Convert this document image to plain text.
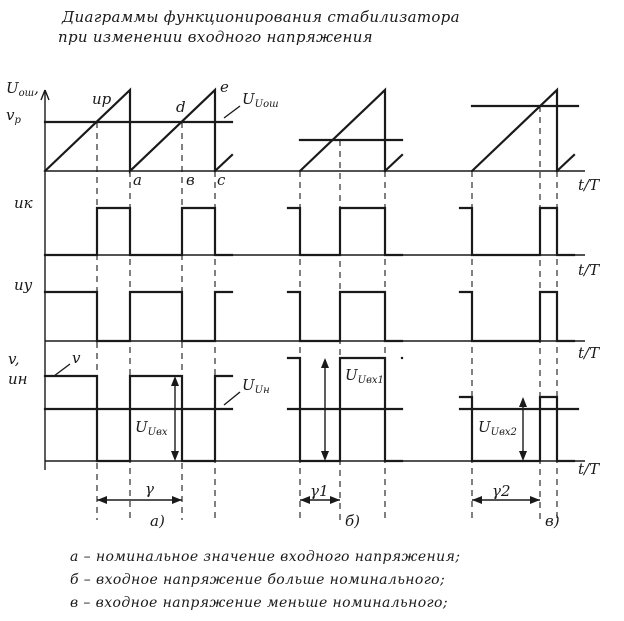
Диаграммы функционирования стабилизатора
при изменении входного напряжения
t/T
t/T
t/T
t/T
$U_{ош}$,
$v_p$
uк
uу
v,
uн
$U_{Uош}$
uр
a	в c
d
e
v
$U_{Uн}$
$U_{Uвх}$
$U_{Uвх1}$
$U_{Uвх2}$
γ	γ1	γ2
а)	б)	в)
а – номинальное значение входного напряжения;
б – входное напряжение больше номинального;
в – входное напряжение меньше номинального;
